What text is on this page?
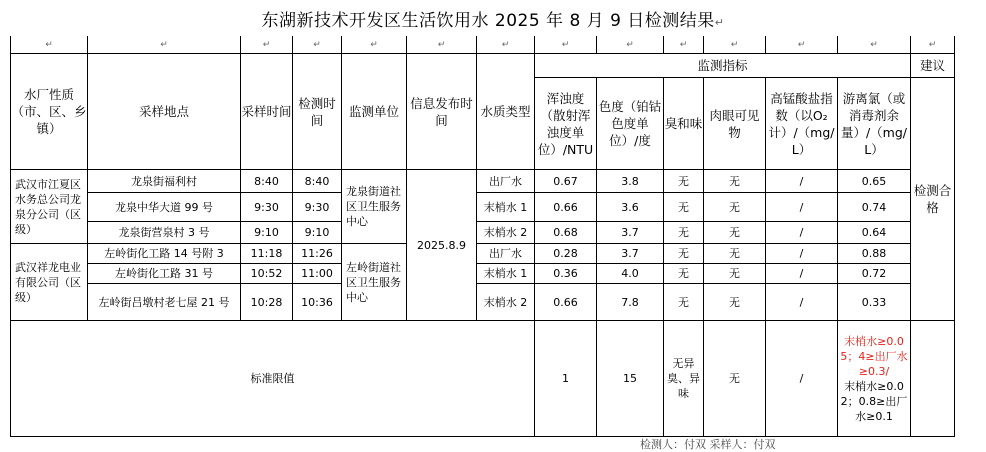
东湖新技术开发区生活饮用水 2025 年 8 月 9 日检测结果↵
↵	↵	↵	↵	↵	↵	↵	↵	↵	↵	↵	↵	↵	↵
水厂性质（市、区、乡镇）	采样地点	采样时间	检测时间	监测单位	信息发布时间	水质类型	监测指标						建议
							浑浊度（散射浑浊度单位）/NTU	色度（铂钴色度单位）/度	臭和味	肉眼可见物	高锰酸盐指数（以O₂计）/（mg/L）	游离氯（或消毒剂余量）/（mg/L）	检测合格
武汉市江夏区水务总公司龙泉分公司（区级）	龙泉街福利村	8:40	8:40	龙泉街道社区卫生服务中心	2025.8.9	出厂水	0.67	3.8	无	无	/	0.65	
	龙泉中华大道 99 号	9:30	9:30			末梢水 1	0.66	3.6	无	无	/	0.74	
	龙泉街营泉村 3 号	9:10	9:10			末梢水 2	0.68	3.7	无	无	/	0.64	
武汉祥龙电业有限公司（区级）	左岭街化工路 14 号附 3	11:18	11:26	左岭街道社区卫生服务中心		出厂水	0.28	3.7	无	无	/	0.88	
	左岭街化工路 31 号	10:52	11:00			末梢水 1	0.36	4.0	无	无	/	0.72	
	左岭街吕墩村老七屋 21 号	10:28	10:36			末梢水 2	0.66	7.8	无	无	/	0.33	
标准限值							1	15	无异臭、异味	无	/	末梢水≥0.05；4≥出厂水≥0.3/
末梢水≥0.02；0.8≥出厂水≥0.1	

检测人：付双 采样人：付双
